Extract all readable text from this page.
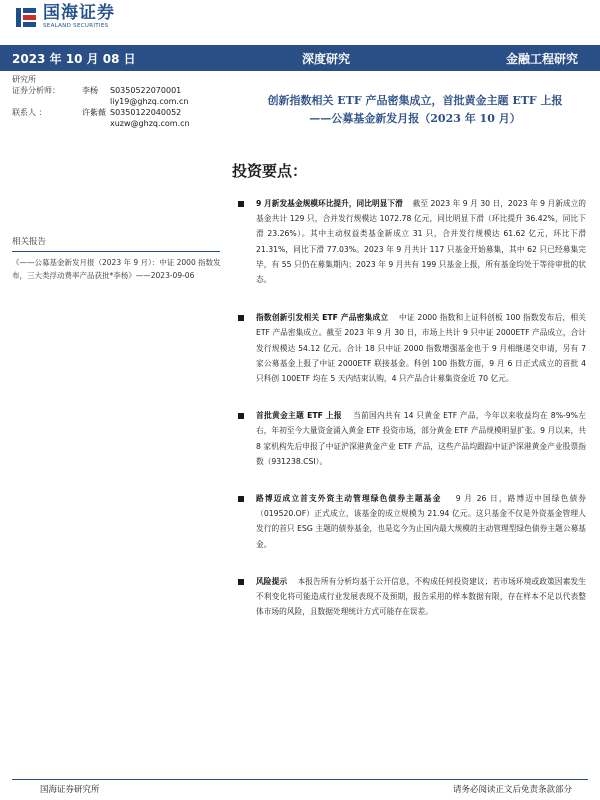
国海证券
SEALAND SECURITIES
2023 年 10 月 08 日	深度研究	金融工程研究
研究所
证券分析师：	李杨	S0350522070001
liy19@ghzq.com.cn
联系人 ：	许紫薇 S0350122040052
xuzw@ghzq.com.cn
创新指数相关 ETF 产品密集成立，首批黄金主题 ETF 上报
——公募基金新发月报（2023 年 10 月）
相关报告
《——公募基金新发月报（2023 年 9 月）：中证 2000 指数发布，三大类浮动费率产品获批*李杨》——2023-09-06
投资要点：
9 月新发基金规模环比提升，同比明显下滑 截至 2023 年 9 月 30 日，2023 年 9 月新成立的基金共计 129 只，合并发行规模达 1072.78 亿元，同比明显下滑（环比提升 36.42%，同比下滑 23.26%）。其中主动权益类基金新成立 31 只，合并发行规模达 61.62 亿元，环比下滑 21.31%，同比下滑 77.03%。2023 年 9 月共计 117 只基金开始募集，其中 62 只已经募集完毕，有 55 只仍在募集期内；2023 年 9 月共有 199 只基金上报，所有基金均处于等待审批的状态。
指数创新引发相关 ETF 产品密集成立 中证 2000 指数和上证科创板 100 指数发布后，相关 ETF 产品密集成立。截至 2023 年 9 月 30 日，市场上共计 9 只中证 2000ETF 产品成立，合计发行规模达 54.12 亿元。合计 18 只中证 2000 指数增强基金也于 9 月相继递交申请，另有 7 家公募基金上报了中证 2000ETF 联接基金。科创 100 指数方面，9 月 6 日正式成立的首批 4 只科创 100ETF 均在 5 天内结束认购，4 只产品合计募集资金近 70 亿元。
首批黄金主题 ETF 上报 当前国内共有 14 只黄金 ETF 产品，今年以来收益均在 8%-9%左右，年初至今大量资金涌入黄金 ETF 投资市场，部分黄金 ETF 产品规模明显扩张。9 月以来，共 8 家机构先后申报了中证沪深港黄金产业 ETF 产品，这些产品均跟踪中证沪深港黄金产业股票指数（931238.CSI）。
路博迈成立首支外资主动管理绿色债券主题基金 9 月 26 日，路博迈中国绿色债券（019520.OF）正式成立，该基金的成立规模为 21.94 亿元。这只基金不仅是外资基金管理人发行的首只 ESG 主题的债券基金，也是迄今为止国内最大规模的主动管理型绿色债券主题公募基金。
风险提示 本报告所有分析均基于公开信息，不构成任何投资建议；若市场环境或政策因素发生不利变化将可能造成行业发展表现不及预期，报告采用的样本数据有限，存在样本不足以代表整体市场的风险，且数据处理统计方式可能存在误差。
国海证券研究所	请务必阅读正文后免责条款部分
